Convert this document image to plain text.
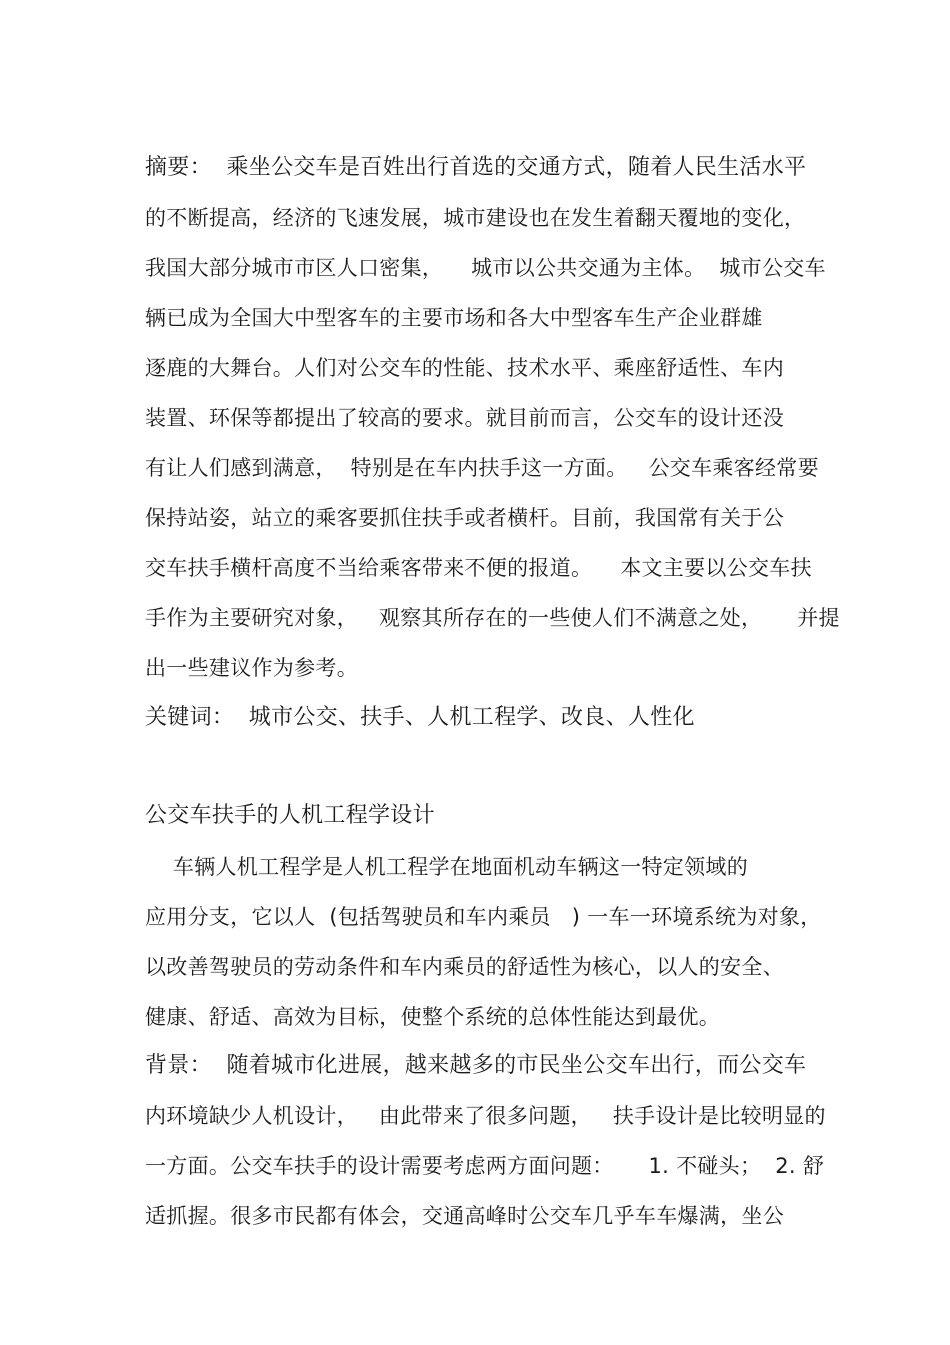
摘要：  乘坐公交车是百姓出行首选的交通方式，随着人民生活水平
的不断提高，经济的飞速发展，城市建设也在发生着翻天覆地的变化，
我国大部分城市市区人口密集，    城市以公共交通为主体。  城市公交车
辆已成为全国大中型客车的主要市场和各大中型客车生产企业群雄
逐鹿的大舞台。人们对公交车的性能、技术水平、乘座舒适性、车内
装置、环保等都提出了较高的要求。就目前而言，公交车的设计还没
有让人们感到满意，  特别是在车内扶手这一方面。   公交车乘客经常要
保持站姿，站立的乘客要抓住扶手或者横杆。目前，我国常有关于公
交车扶手横杆高度不当给乘客带来不便的报道。    本文主要以公交车扶
手作为主要研究对象，   观察其所存在的一些使人们不满意之处，     并提
出一些建议作为参考。
关键词：  城市公交、扶手、人机工程学、改良、人性化
公交车扶手的人机工程学设计
车辆人机工程学是人机工程学在地面机动车辆这一特定领域的
应用分支，它以人  (包括驾驶员和车内乘员   ) 一车一环境系统为对象，
以改善驾驶员的劳动条件和车内乘员的舒适性为核心，以人的安全、
健康、舒适、高效为目标，使整个系统的总体性能达到最优。
背景：  随着城市化进展，越来越多的市民坐公交车出行，而公交车
内环境缺少人机设计，   由此带来了很多问题，   扶手设计是比较明显的
一方面。公交车扶手的设计需要考虑两方面问题：     1. 不碰头；  2. 舒
适抓握。很多市民都有体会，交通高峰时公交车几乎车车爆满，坐公
